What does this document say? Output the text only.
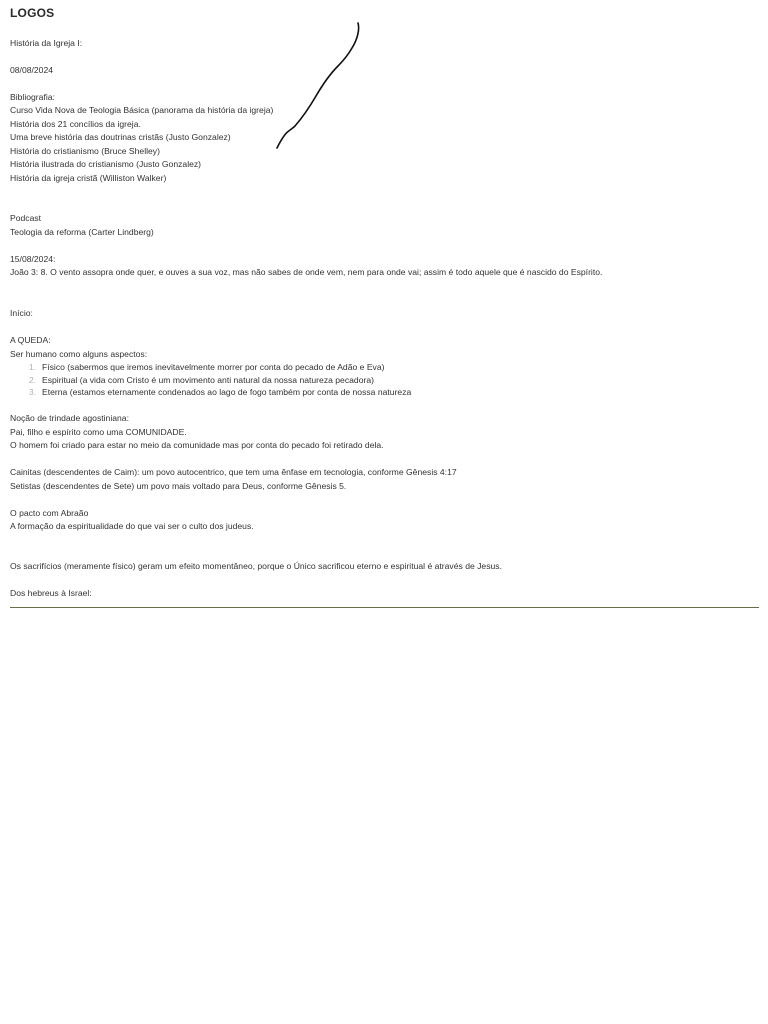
LOGOS
História da Igreja I:
08/08/2024
Bibliografia:
Curso Vida Nova de Teologia Básica (panorama da história da igreja)
História dos 21 concílios da igreja.
Uma breve história das doutrinas cristãs (Justo Gonzalez)
História do cristianismo (Bruce Shelley)
História ilustrada do cristianismo (Justo Gonzalez)
História da igreja cristã (Williston Walker)
Podcast
Teologia da reforma (Carter Lindberg)
15/08/2024:
João 3: 8. O vento assopra onde quer, e ouves a sua voz, mas não sabes de onde vem, nem para onde vai; assim é todo aquele que é nascido do Espírito.
Início:
A QUEDA:
Ser humano como alguns aspectos:
1. Físico (sabermos que iremos inevitavelmente morrer por conta do pecado de Adão e Eva)
2. Espiritual (a vida com Cristo é um movimento anti natural da nossa natureza pecadora)
3. Eterna (estamos eternamente condenados ao lago de fogo também por conta de nossa natureza
Noção de trindade agostiniana:
Pai, filho e espírito como uma COMUNIDADE.
O homem foi criado para estar no meio da comunidade mas por conta do pecado foi retirado dela.
Cainitas (descendentes de Caim): um povo autocentrico, que tem uma ênfase em tecnologia, conforme Gênesis 4:17
Setistas (descendentes de Sete) um povo mais voltado para Deus, conforme Gênesis 5.
O pacto com Abraão
A formação da espiritualidade do que vai ser o culto dos judeus.
Os sacrifícios (meramente físico) geram um efeito momentâneo, porque o Único sacrificou eterno e espiritual é através de Jesus.
Dos hebreus à Israel:
